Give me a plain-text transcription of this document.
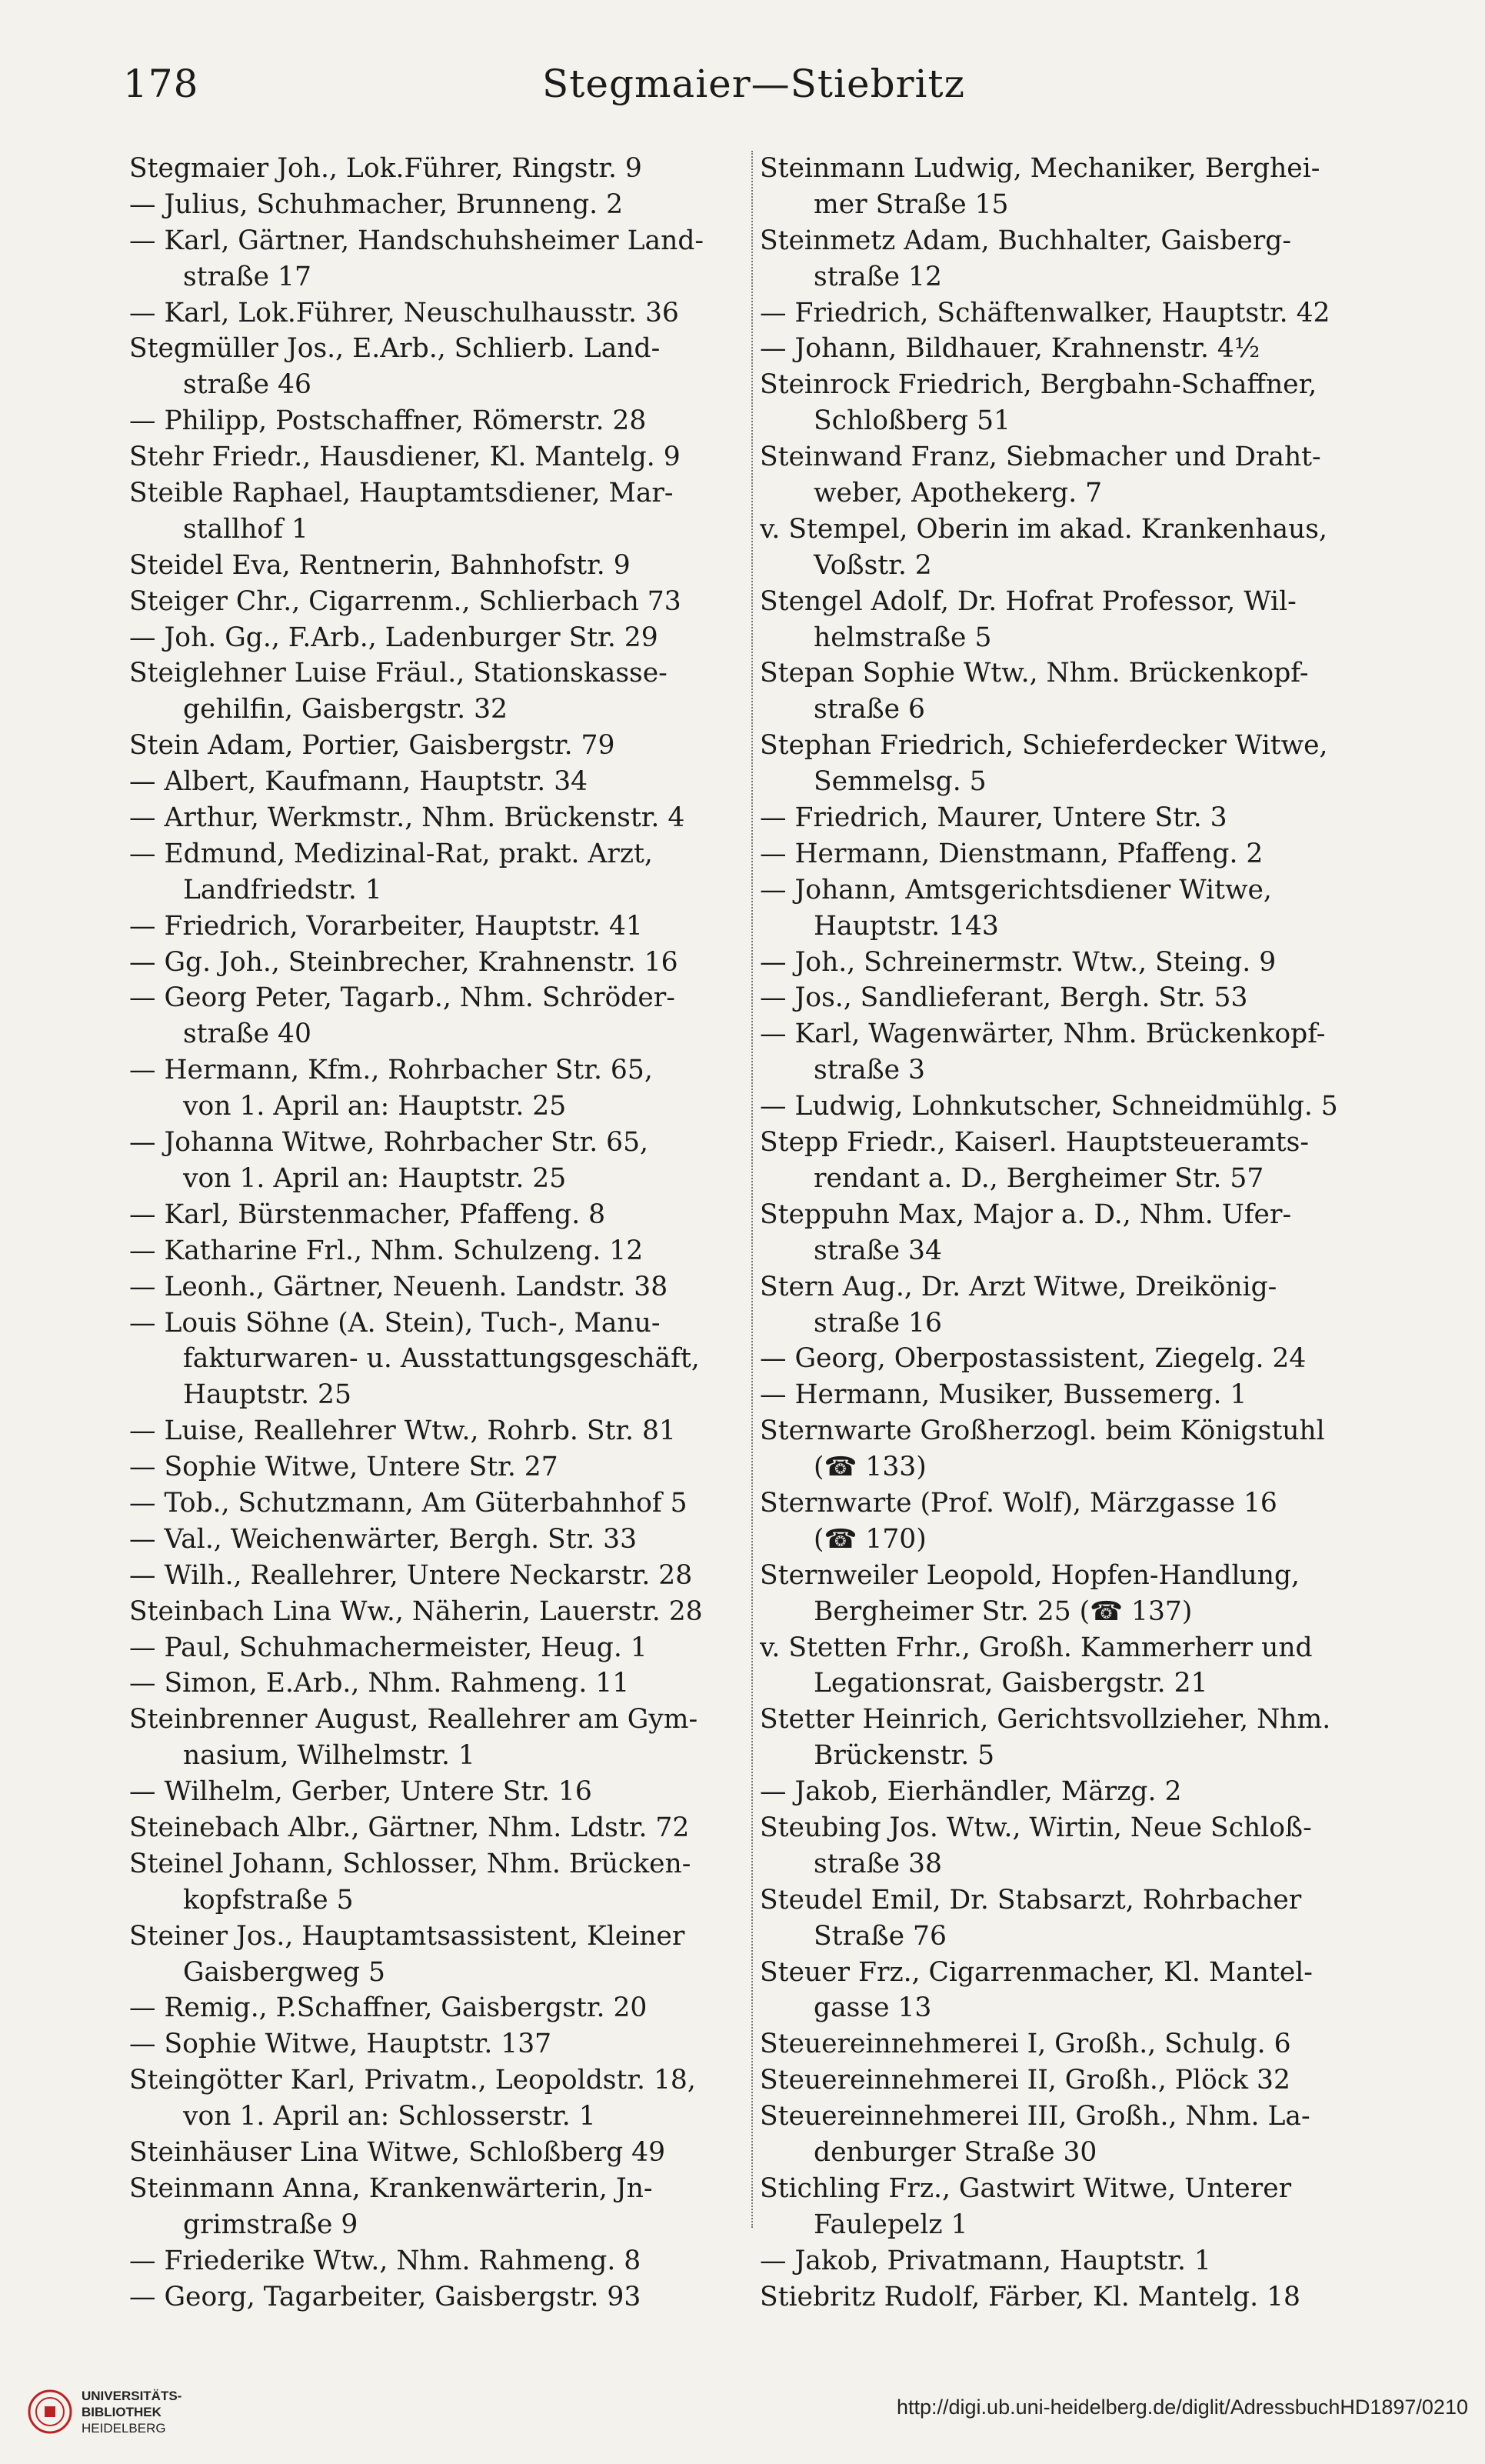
178	Stegmaier—Stiebritz
Stegmaier Joh., Lok.Führer, Ringstr. 9
— Julius, Schuhmacher, Brunneng. 2
— Karl, Gärtner, Handschuhsheimer Land-
straße 17
— Karl, Lok.Führer, Neuschulhausstr. 36
Stegmüller Jos., E.Arb., Schlierb. Land-
straße 46
— Philipp, Postschaffner, Römerstr. 28
Stehr Friedr., Hausdiener, Kl. Mantelg. 9
Steible Raphael, Hauptamtsdiener, Mar-
stallhof 1
Steidel Eva, Rentnerin, Bahnhofstr. 9
Steiger Chr., Cigarrenm., Schlierbach 73
— Joh. Gg., F.Arb., Ladenburger Str. 29
Steiglehner Luise Fräul., Stationskasse-
gehilfin, Gaisbergstr. 32
Stein Adam, Portier, Gaisbergstr. 79
— Albert, Kaufmann, Hauptstr. 34
— Arthur, Werkmstr., Nhm. Brückenstr. 4
— Edmund, Medizinal-Rat, prakt. Arzt,
Landfriedstr. 1
— Friedrich, Vorarbeiter, Hauptstr. 41
— Gg. Joh., Steinbrecher, Krahnenstr. 16
— Georg Peter, Tagarb., Nhm. Schröder-
straße 40
— Hermann, Kfm., Rohrbacher Str. 65,
von 1. April an: Hauptstr. 25
— Johanna Witwe, Rohrbacher Str. 65,
von 1. April an: Hauptstr. 25
— Karl, Bürstenmacher, Pfaffeng. 8
— Katharine Frl., Nhm. Schulzeng. 12
— Leonh., Gärtner, Neuenh. Landstr. 38
— Louis Söhne (A. Stein), Tuch-, Manu-
fakturwaren- u. Ausstattungsgeschäft,
Hauptstr. 25
— Luise, Reallehrer Wtw., Rohrb. Str. 81
— Sophie Witwe, Untere Str. 27
— Tob., Schutzmann, Am Güterbahnhof 5
— Val., Weichenwärter, Bergh. Str. 33
— Wilh., Reallehrer, Untere Neckarstr. 28
Steinbach Lina Ww., Näherin, Lauerstr. 28
— Paul, Schuhmachermeister, Heug. 1
— Simon, E.Arb., Nhm. Rahmeng. 11
Steinbrenner August, Reallehrer am Gym-
nasium, Wilhelmstr. 1
— Wilhelm, Gerber, Untere Str. 16
Steinebach Albr., Gärtner, Nhm. Ldstr. 72
Steinel Johann, Schlosser, Nhm. Brücken-
kopfstraße 5
Steiner Jos., Hauptamtsassistent, Kleiner
Gaisbergweg 5
— Remig., P.Schaffner, Gaisbergstr. 20
— Sophie Witwe, Hauptstr. 137
Steingötter Karl, Privatm., Leopoldstr. 18,
von 1. April an: Schlosserstr. 1
Steinhäuser Lina Witwe, Schloßberg 49
Steinmann Anna, Krankenwärterin, Jn-
grimstraße 9
— Friederike Wtw., Nhm. Rahmeng. 8
— Georg, Tagarbeiter, Gaisbergstr. 93
Steinmann Ludwig, Mechaniker, Berghei-
mer Straße 15
Steinmetz Adam, Buchhalter, Gaisberg-
straße 12
— Friedrich, Schäftenwalker, Hauptstr. 42
— Johann, Bildhauer, Krahnenstr. 4½
Steinrock Friedrich, Bergbahn-Schaffner,
Schloßberg 51
Steinwand Franz, Siebmacher und Draht-
weber, Apothekerg. 7
v. Stempel, Oberin im akad. Krankenhaus,
Voßstr. 2
Stengel Adolf, Dr. Hofrat Professor, Wil-
helmstraße 5
Stepan Sophie Wtw., Nhm. Brückenkopf-
straße 6
Stephan Friedrich, Schieferdecker Witwe,
Semmelsg. 5
— Friedrich, Maurer, Untere Str. 3
— Hermann, Dienstmann, Pfaffeng. 2
— Johann, Amtsgerichtsdiener Witwe,
Hauptstr. 143
— Joh., Schreinermstr. Wtw., Steing. 9
— Jos., Sandlieferant, Bergh. Str. 53
— Karl, Wagenwärter, Nhm. Brückenkopf-
straße 3
— Ludwig, Lohnkutscher, Schneidmühlg. 5
Stepp Friedr., Kaiserl. Hauptsteueramts-
rendant a. D., Bergheimer Str. 57
Steppuhn Max, Major a. D., Nhm. Ufer-
straße 34
Stern Aug., Dr. Arzt Witwe, Dreikönig-
straße 16
— Georg, Oberpostassistent, Ziegelg. 24
— Hermann, Musiker, Bussemerg. 1
Sternwarte Großherzogl. beim Königstuhl
(☎ 133)
Sternwarte (Prof. Wolf), Märzgasse 16
(☎ 170)
Sternweiler Leopold, Hopfen-Handlung,
Bergheimer Str. 25 (☎ 137)
v. Stetten Frhr., Großh. Kammerherr und
Legationsrat, Gaisbergstr. 21
Stetter Heinrich, Gerichtsvollzieher, Nhm.
Brückenstr. 5
— Jakob, Eierhändler, Märzg. 2
Steubing Jos. Wtw., Wirtin, Neue Schloß-
straße 38
Steudel Emil, Dr. Stabsarzt, Rohrbacher
Straße 76
Steuer Frz., Cigarrenmacher, Kl. Mantel-
gasse 13
Steuereinnehmerei I, Großh., Schulg. 6
Steuereinnehmerei II, Großh., Plöck 32
Steuereinnehmerei III, Großh., Nhm. La-
denburger Straße 30
Stichling Frz., Gastwirt Witwe, Unterer
Faulepelz 1
— Jakob, Privatmann, Hauptstr. 1
Stiebritz Rudolf, Färber, Kl. Mantelg. 18
UNIVERSITÄTS-
BIBLIOTHEK
HEIDELBERG
http://digi.ub.uni-heidelberg.de/diglit/AdressbuchHD1897/0210
